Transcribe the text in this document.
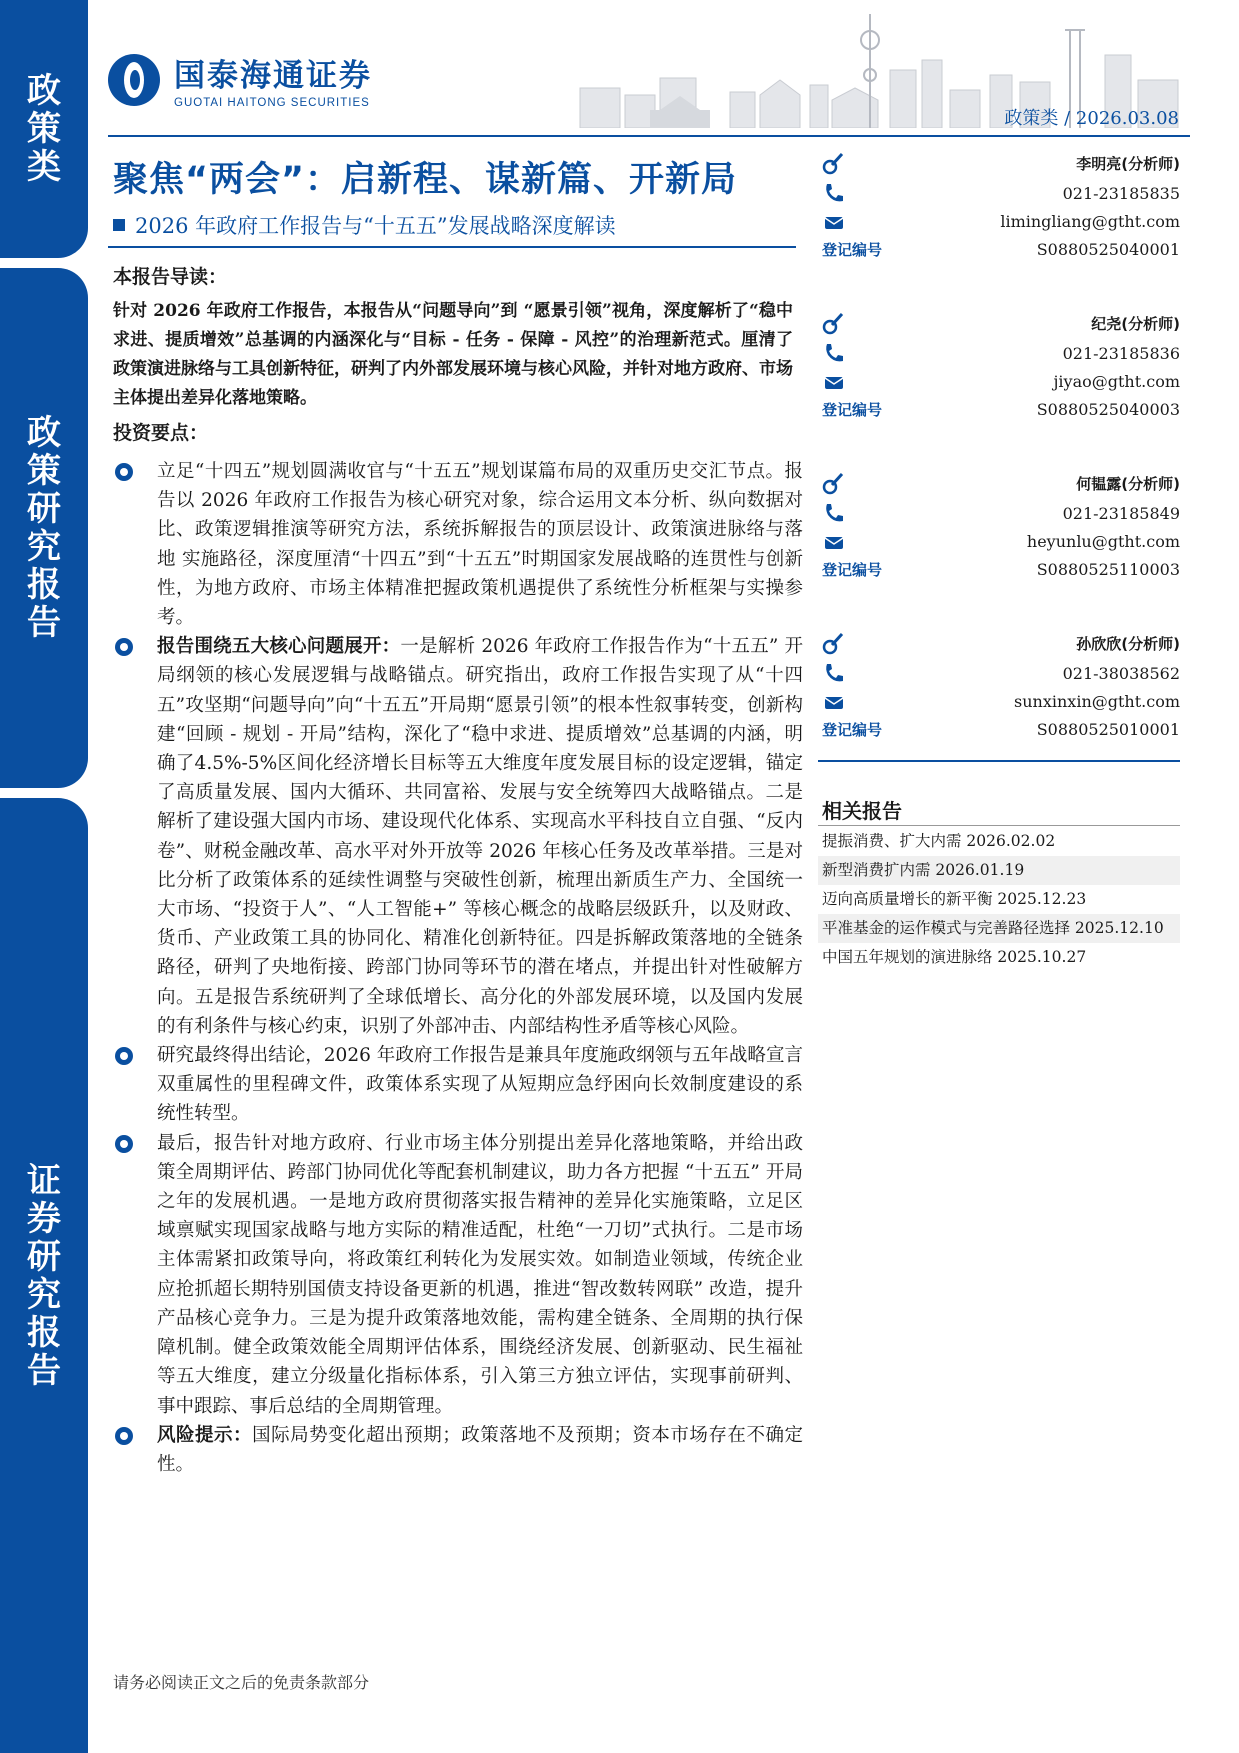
政
策
类
政
策
研
究
报
告
证
券
研
究
报
告
国泰海通证券
GUOTAI HAITONG SECURITIES
政策类 / 2026.03.08
聚焦“两会”：启新程、谋新篇、开新局
2026 年政府工作报告与“十五五”发展战略深度解读
本报告导读：
针对 2026 年政府工作报告，本报告从“问题导向”到 “愿景引领”视角，深度解析了“稳中求进、提质增效”总基调的内涵深化与“目标 - 任务 - 保障 - 风控”的治理新范式。厘清了政策演进脉络与工具创新特征，研判了内外部发展环境与核心风险，并针对地方政府、市场主体提出差异化落地策略。
投资要点：
立足“十四五”规划圆满收官与“十五五”规划谋篇布局的双重历史交汇节点。报告以 2026 年政府工作报告为核心研究对象，综合运用文本分析、纵向数据对比、政策逻辑推演等研究方法，系统拆解报告的顶层设计、政策演进脉络与落地 实施路径，深度厘清“十四五”到“十五五”时期国家发展战略的连贯性与创新性，为地方政府、市场主体精准把握政策机遇提供了系统性分析框架与实操参考。
报告围绕五大核心问题展开：一是解析 2026 年政府工作报告作为“十五五” 开局纲领的核心发展逻辑与战略锚点。研究指出，政府工作报告实现了从“十四五”攻坚期“问题导向”向“十五五”开局期“愿景引领”的根本性叙事转变，创新构建“回顾 - 规划 - 开局”结构，深化了“稳中求进、提质增效”总基调的内涵，明确了4.5%-5%区间化经济增长目标等五大维度年度发展目标的设定逻辑，锚定了高质量发展、国内大循环、共同富裕、发展与安全统筹四大战略锚点。二是解析了建设强大国内市场、建设现代化体系、实现高水平科技自立自强、“反内卷”、财税金融改革、高水平对外开放等 2026 年核心任务及改革举措。三是对比分析了政策体系的延续性调整与突破性创新，梳理出新质生产力、全国统一大市场、“投资于人”、“人工智能+” 等核心概念的战略层级跃升，以及财政、货币、产业政策工具的协同化、精准化创新特征。四是拆解政策落地的全链条路径，研判了央地衔接、跨部门协同等环节的潜在堵点，并提出针对性破解方向。五是报告系统研判了全球低增长、高分化的外部发展环境，以及国内发展的有利条件与核心约束，识别了外部冲击、内部结构性矛盾等核心风险。
研究最终得出结论，2026 年政府工作报告是兼具年度施政纲领与五年战略宣言双重属性的里程碑文件，政策体系实现了从短期应急纾困向长效制度建设的系统性转型。
最后，报告针对地方政府、行业市场主体分别提出差异化落地策略，并给出政策全周期评估、跨部门协同优化等配套机制建议，助力各方把握 “十五五” 开局之年的发展机遇。一是地方政府贯彻落实报告精神的差异化实施策略，立足区域禀赋实现国家战略与地方实际的精准适配，杜绝“一刀切”式执行。二是市场主体需紧扣政策导向，将政策红利转化为发展实效。如制造业领域，传统企业应抢抓超长期特别国债支持设备更新的机遇，推进“智改数转网联” 改造，提升产品核心竞争力。三是为提升政策落地效能，需构建全链条、全周期的执行保障机制。健全政策效能全周期评估体系，围绕经济发展、创新驱动、民生福祉等五大维度，建立分级量化指标体系，引入第三方独立评估，实现事前研判、事中跟踪、事后总结的全周期管理。
风险提示：国际局势变化超出预期；政策落地不及预期；资本市场存在不确定性。
李明亮(分析师)
021-23185835
limingliang@gtht.com
登记编号	S0880525040001
纪尧(分析师)
021-23185836
jiyao@gtht.com
登记编号	S0880525040003
何韫露(分析师)
021-23185849
heyunlu@gtht.com
登记编号	S0880525110003
孙欣欣(分析师)
021-38038562
sunxinxin@gtht.com
登记编号	S0880525010001
相关报告
提振消费、扩大内需 2026.02.02
新型消费扩内需 2026.01.19
迈向高质量增长的新平衡 2025.12.23
平准基金的运作模式与完善路径选择 2025.12.10
中国五年规划的演进脉络 2025.10.27
请务必阅读正文之后的免责条款部分
